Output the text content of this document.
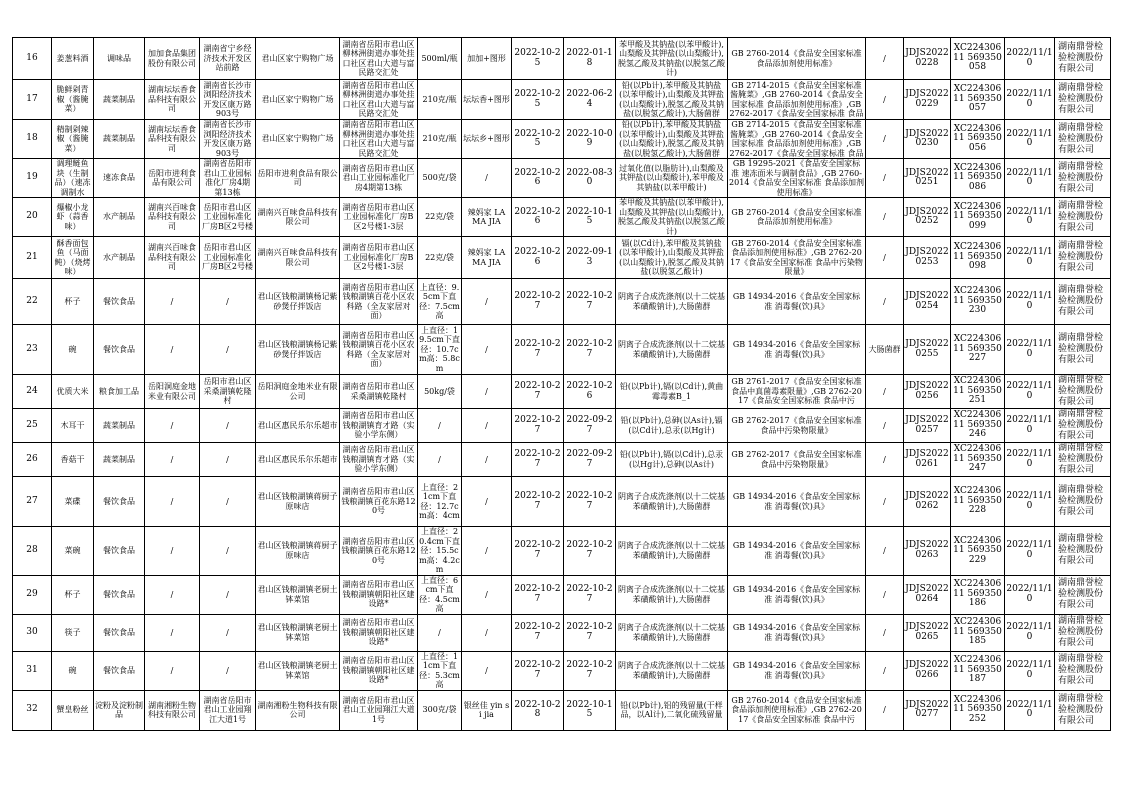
16	姜葱料酒	调味品	加加食品集团股份有限公司	湖南省宁乡经济技术开发区站前路	君山区家宁购物广场	湖南省岳阳市君山区柳林洲街道办事处挂口社区君山大道与富民路交汇处	500ml/瓶	加加+图形	2022-10-25	2022-01-18	苯甲酸及其钠盐(以苯甲酸计),山梨酸及其钾盐(以山梨酸计),脱氢乙酸及其钠盐(以脱氢乙酸计)	GB 2760-2014《食品安全国家标准 食品添加剂使用标准》	/	JDJS2022 0228	XC22430611 569350058	2022/11/10	湖南鼎誉检验检测股份有限公司
17	脆鲜剁青椒（酱腌菜）	蔬菜制品	湖南坛坛香食品科技有限公司	湖南省长沙市浏阳经济技术开发区康万路903号	君山区家宁购物广场	湖南省岳阳市君山区柳林洲街道办事处挂口社区君山大道与富民路交汇处	210克/瓶	坛坛香+图形	2022-10-25	2022-06-24	铅(以Pb计),苯甲酸及其钠盐(以苯甲酸计),山梨酸及其钾盐(以山梨酸计),脱氢乙酸及其钠盐(以脱氢乙酸计),大肠菌群	GB 2714-2015《食品安全国家标准 酱腌菜》,GB 2760-2014《食品安全国家标准 食品添加剂使用标准》,GB 2762-2017《食品安全国家标准 食品	/	JDJS2022 0229	XC22430611 569350057	2022/11/10	湖南鼎誉检验检测股份有限公司
18	精制剁辣椒（酱腌菜）	蔬菜制品	湖南坛坛香食品科技有限公司	湖南省长沙市浏阳经济技术开发区康万路903号	君山区家宁购物广场	湖南省岳阳市君山区柳林洲街道办事处挂口社区君山大道与富民路交汇处	210克/瓶	坛坛乡+图形	2022-10-25	2022-10-09	铅(以Pb计),苯甲酸及其钠盐(以苯甲酸计),山梨酸及其钾盐(以山梨酸计),脱氢乙酸及其钠盐(以脱氢乙酸计),大肠菌群	GB 2714-2015《食品安全国家标准 酱腌菜》,GB 2760-2014《食品安全国家标准 食品添加剂使用标准》,GB 2762-2017《食品安全国家标准 食品	/	JDJS2022 0230	XC22430611 569350056	2022/11/10	湖南鼎誉检验检测股份有限公司
19	调理鲢鱼块（生制品）（速冻调制水	速冻食品	岳阳市进利食品有限公司	湖南省岳阳市君山工业园标准化厂房4期第13栋	岳阳市进利食品有限公司	湖南省岳阳市君山区君山工业园标准化厂房4期第13栋	500克/袋	/	2022-10-26	2022-08-30	过氧化值(以脂肪计),山梨酸及其钾盐(以山梨酸计),苯甲酸及其钠盐(以苯甲酸计)	GB 19295-2021《食品安全国家标准 速冻面米与调制食品》,GB 2760-2014《食品安全国家标准 食品添加剂使用标准》	/	JDJS2022 0251	XC22430611 569350086	2022/11/10	湖南鼎誉检验检测股份有限公司
20	爆椒小龙虾（蒜香味）	水产制品	湖南兴百味食品科技有限公司	岳阳市君山区工业园标准化厂房B区2号楼	湖南兴百味食品科技有限公司	湖南省岳阳市君山区工业园标准化厂房B区2号楼1-3层	22克/袋	辣妈家 LA MA JIA	2022-10-26	2022-10-15	苯甲酸及其钠盐(以苯甲酸计),山梨酸及其钾盐(以山梨酸计),脱氢乙酸及其钠盐(以脱氢乙酸计)	GB 2760-2014《食品安全国家标准 食品添加剂使用标准》	/	JDJS2022 0252	XC22430611 569350099	2022/11/10	湖南鼎誉检验检测股份有限公司
21	酥香面包鱼（马面鲀）（烧烤味）	水产制品	湖南兴百味食品科技有限公司	岳阳市君山区工业园标准化厂房B区2号楼	湖南兴百味食品科技有限公司	湖南省岳阳市君山区工业园标准化厂房B区2号楼1-3层	22克/袋	辣妈家 LA MA JIA	2022-10-26	2022-09-13	镉(以Cd计),苯甲酸及其钠盐(以苯甲酸计),山梨酸及其钾盐(以山梨酸计),脱氢乙酸及其钠盐(以脱氢乙酸计)	GB 2760-2014《食品安全国家标准 食品添加剂使用标准》,GB 2762-2017《食品安全国家标准 食品中污染物限量》	/	JDJS2022 0253	XC22430611 569350098	2022/11/10	湖南鼎誉检验检测股份有限公司
22	杯子	餐饮食品	/	/	君山区钱粮湖镇杨记紫砂煲仔拌饭店	湖南省岳阳市君山区钱粮湖镇百花小区农科路（全友家居对面）	上直径：9.5cm下直径：7.5cm高	/	2022-10-27	2022-10-27	阴离子合成洗涤剂(以十二烷基苯磺酸钠计),大肠菌群	GB 14934-2016《食品安全国家标准 消毒餐(饮)具》	/	JDJS2022 0254	XC22430611 569350230	2022/11/10	湖南鼎誉检验检测股份有限公司
23	碗	餐饮食品	/	/	君山区钱粮湖镇杨记紫砂煲仔拌饭店	湖南省岳阳市君山区钱粮湖镇百花小区农科路（全友家居对面）	上直径：19.5cm下直径：10.7cm高：5.8cm	/	2022-10-27	2022-10-27	阴离子合成洗涤剂(以十二烷基苯磺酸钠计),大肠菌群	GB 14934-2016《食品安全国家标准 消毒餐(饮)具》	大肠菌群	JDJS2022 0255	XC22430611 569350227	2022/11/10	湖南鼎誉检验检测股份有限公司
24	优质大米	粮食加工品	岳阳洞庭金地米业有限公司	岳阳市君山区采桑湖镇乾隆村	岳阳洞庭金地米业有限公司	湖南省岳阳市君山区采桑湖镇乾隆村	50kg/袋	/	2022-10-27	2022-10-26	铅(以Pb计),镉(以Cd计),黄曲霉毒素B_1	GB 2761-2017《食品安全国家标准 食品中真菌毒素限量》,GB 2762-2017《食品安全国家标准 食品中污	/	JDJS2022 0256	XC22430611 569350251	2022/11/10	湖南鼎誉检验检测股份有限公司
25	木耳干	蔬菜制品	/	/	君山区惠民乐尔乐超市	湖南省岳阳市君山区钱粮湖镇育才路（实验小学东侧）	/	/	2022-10-27	2022-09-27	铅(以Pb计),总砷(以As计),镉(以Cd计),总汞(以Hg计)	GB 2762-2017《食品安全国家标准 食品中污染物限量》	/	JDJS2022 0257	XC22430611 569350246	2022/11/10	湖南鼎誉检验检测股份有限公司
26	香菇干	蔬菜制品	/	/	君山区惠民乐尔乐超市	湖南省岳阳市君山区钱粮湖镇育才路（实验小学东侧）	/	/	2022-10-27	2022-09-27	铅(以Pb计),镉(以Cd计),总汞(以Hg计),总砷(以As计)	GB 2762-2017《食品安全国家标准 食品中污染物限量》	/	JDJS2022 0261	XC22430611 569350247	2022/11/10	湖南鼎誉检验检测股份有限公司
27	菜碟	餐饮食品	/	/	君山区钱粮湖镇蒋厨子原味店	湖南省岳阳市君山区钱粮湖镇百花东路120号	上直径：21cm下直径：12.7cm高：4cm	/	2022-10-27	2022-10-27	阴离子合成洗涤剂(以十二烷基苯磺酸钠计),大肠菌群	GB 14934-2016《食品安全国家标准 消毒餐(饮)具》	/	JDJS2022 0262	XC22430611 569350228	2022/11/10	湖南鼎誉检验检测股份有限公司
28	菜碗	餐饮食品	/	/	君山区钱粮湖镇蒋厨子原味店	湖南省岳阳市君山区钱粮湖镇百花东路120号	上直径：20.4cm下直径：15.5cm高：4.2cm	/	2022-10-27	2022-10-27	阴离子合成洗涤剂(以十二烷基苯磺酸钠计),大肠菌群	GB 14934-2016《食品安全国家标准 消毒餐(饮)具》	/	JDJS2022 0263	XC22430611 569350229	2022/11/10	湖南鼎誉检验检测股份有限公司
29	杯子	餐饮食品	/	/	君山区钱粮湖镇老厨土钵菜馆	湖南省岳阳市君山区钱粮湖镇朝阳社区建设路*	上直径：6cm下直径：4.5cm高	/	2022-10-27	2022-10-27	阴离子合成洗涤剂(以十二烷基苯磺酸钠计),大肠菌群	GB 14934-2016《食品安全国家标准 消毒餐(饮)具》	/	JDJS2022 0264	XC22430611 569350186	2022/11/10	湖南鼎誉检验检测股份有限公司
30	筷子	餐饮食品	/	/	君山区钱粮湖镇老厨土钵菜馆	湖南省岳阳市君山区钱粮湖镇朝阳社区建设路*	/	/	2022-10-27	2022-10-27	阴离子合成洗涤剂(以十二烷基苯磺酸钠计),大肠菌群	GB 14934-2016《食品安全国家标准 消毒餐(饮)具》	/	JDJS2022 0265	XC22430611 569350185	2022/11/10	湖南鼎誉检验检测股份有限公司
31	碗	餐饮食品	/	/	君山区钱粮湖镇老厨土钵菜馆	湖南省岳阳市君山区钱粮湖镇朝阳社区建设路*	上直径：11cm下直径：5.3cm高	/	2022-10-27	2022-10-27	阴离子合成洗涤剂(以十二烷基苯磺酸钠计),大肠菌群	GB 14934-2016《食品安全国家标准 消毒餐(饮)具》	/	JDJS2022 0266	XC22430611 569350187	2022/11/10	湖南鼎誉检验检测股份有限公司
32	蟹皇粉丝	淀粉及淀粉制品	湖南湘粉生物科技有限公司	湖南省岳阳市君山工业园翔江大道1号	湖南湘粉生物科技有限公司	湖南省岳阳市君山区君山工业园翔江大道1号	300克/袋	银丝佳 yin si jia	2022-10-28	2022-10-15	铅(以Pb计),铝的残留量(干样品，以Al计),二氧化硫残留量	GB 2760-2014《食品安全国家标准 食品添加剂使用标准》,GB 2762-2017《食品安全国家标准 食品中污	/	JDJS2022 0277	XC22430611 569350252	2022/11/10	湖南鼎誉检验检测股份有限公司
